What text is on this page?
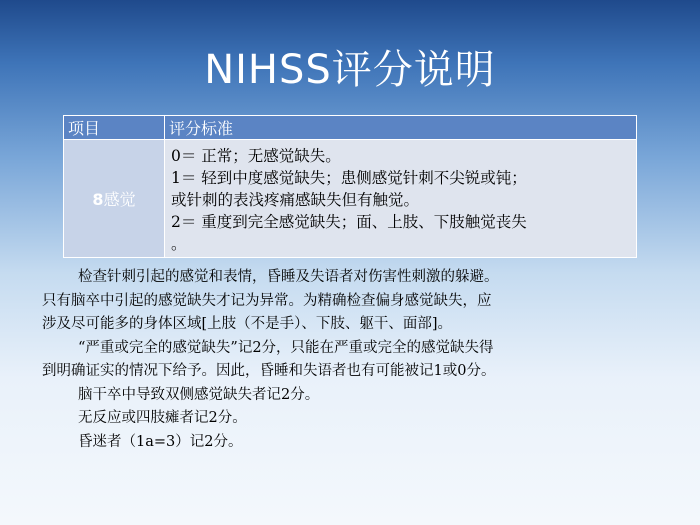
NIHSS评分说明
项目	评分标准
8感觉	0＝ 正常；无感觉缺失。
1＝ 轻到中度感觉缺失；患侧感觉针刺不尖锐或钝；
或针刺的表浅疼痛感缺失但有触觉。
2＝ 重度到完全感觉缺失；面、上肢、下肢触觉丧失
。

检查针刺引起的感觉和表情，昏睡及失语者对伤害性刺激的躲避。

只有脑卒中引起的感觉缺失才记为异常。为精确检查偏身感觉缺失，应

涉及尽可能多的身体区域[上肢（不是手）、下肢、躯干、面部]。

“严重或完全的感觉缺失”记2分，只能在严重或完全的感觉缺失得

到明确证实的情况下给予。因此，昏睡和失语者也有可能被记1或0分。

脑干卒中导致双侧感觉缺失者记2分。

无反应或四肢瘫者记2分。

昏迷者（1a=3）记2分。
